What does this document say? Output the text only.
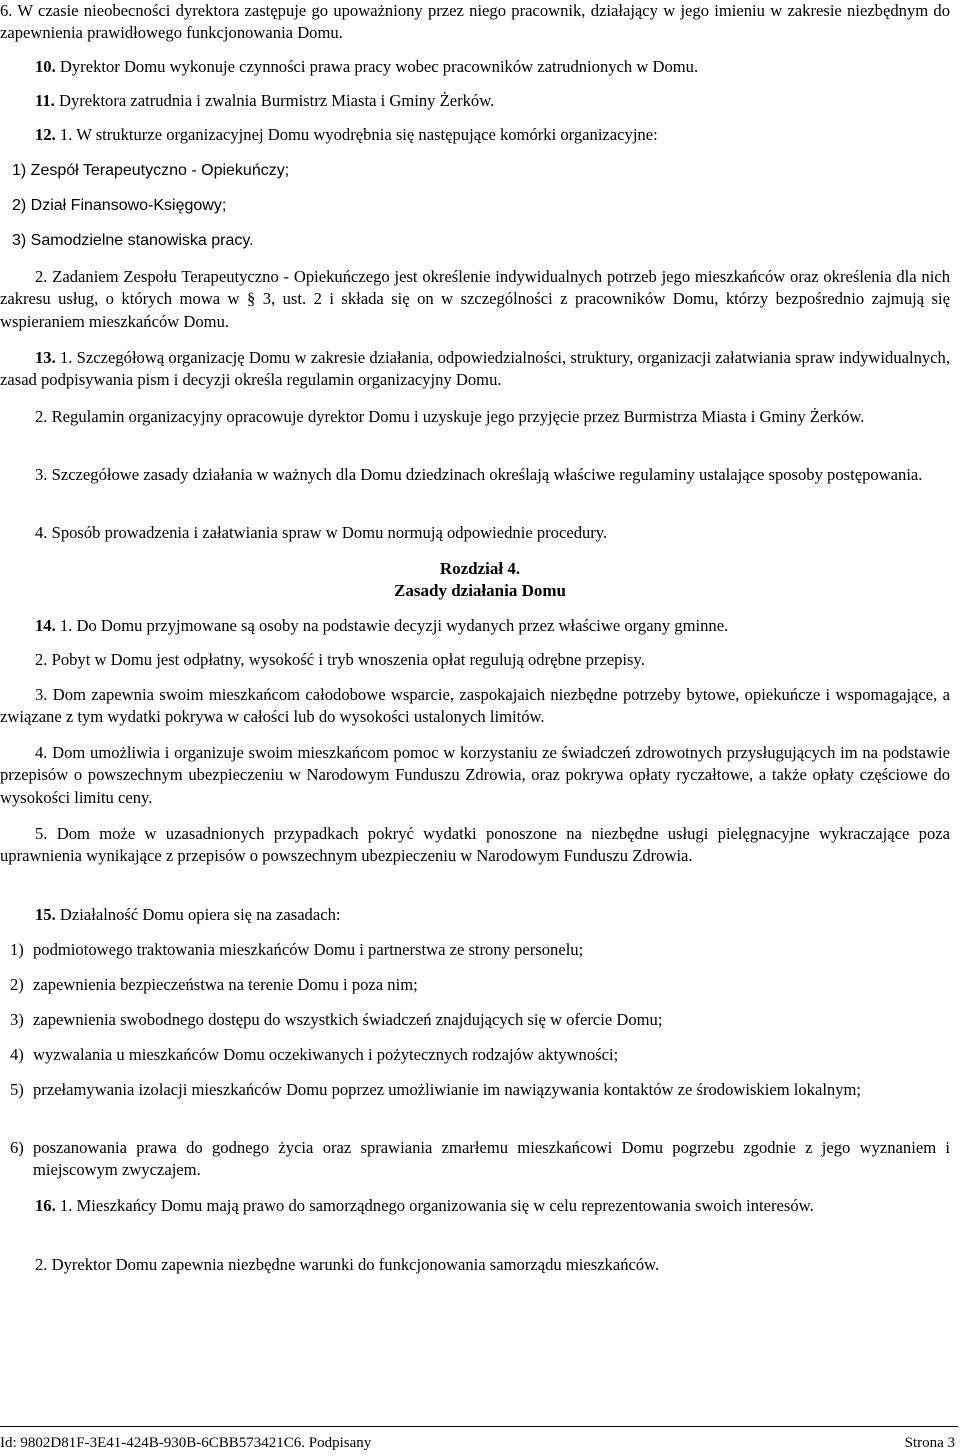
6. W czasie nieobecności dyrektora zastępuje go upoważniony przez niego pracownik, działający w jego imieniu w zakresie niezbędnym do zapewnienia prawidłowego funkcjonowania Domu.

10. Dyrektor Domu wykonuje czynności prawa pracy wobec pracowników zatrudnionych w Domu.

11. Dyrektora zatrudnia i zwalnia Burmistrz Miasta i Gminy Żerków.

12. 1. W strukturze organizacyjnej Domu wyodrębnia się następujące komórki organizacyjne:

1) Zespół Terapeutyczno - Opiekuńczy;

2) Dział Finansowo-Księgowy;

3) Samodzielne stanowiska pracy.

2. Zadaniem Zespołu Terapeutyczno - Opiekuńczego jest określenie indywidualnych potrzeb jego mieszkańców oraz określenia dla nich zakresu usług, o których mowa w § 3, ust. 2 i składa się on w szczególności z pracowników Domu, którzy bezpośrednio zajmują się wspieraniem mieszkańców Domu.

13. 1. Szczegółową organizację Domu w zakresie działania, odpowiedzialności, struktury, organizacji załatwiania spraw indywidualnych, zasad podpisywania pism i decyzji określa regulamin organizacyjny Domu.

2. Regulamin organizacyjny opracowuje dyrektor Domu i uzyskuje jego przyjęcie przez Burmistrza Miasta i Gminy Żerków.

3. Szczegółowe zasady działania w ważnych dla Domu dziedzinach określają właściwe regulaminy ustalające sposoby postępowania.

4. Sposób prowadzenia i załatwiania spraw w Domu normują odpowiednie procedury.

Rozdział 4.

Zasady działania Domu

14. 1. Do Domu przyjmowane są osoby na podstawie decyzji wydanych przez właściwe organy gminne.

2. Pobyt w Domu jest odpłatny, wysokość i tryb wnoszenia opłat regulują odrębne przepisy.

3. Dom zapewnia swoim mieszkańcom całodobowe wsparcie, zaspokajaich niezbędne potrzeby bytowe, opiekuńcze i wspomagające, a związane z tym wydatki pokrywa w całości lub do wysokości ustalonych limitów.

4. Dom umożliwia i organizuje swoim mieszkańcom pomoc w korzystaniu ze świadczeń zdrowotnych przysługujących im na podstawie przepisów o powszechnym ubezpieczeniu w Narodowym Funduszu Zdrowia, oraz pokrywa opłaty ryczałtowe, a także opłaty częściowe do wysokości limitu ceny.

5. Dom może w uzasadnionych przypadkach pokryć wydatki ponoszone na niezbędne usługi pielęgnacyjne wykraczające poza uprawnienia wynikające z przepisów o powszechnym ubezpieczeniu w Narodowym Funduszu Zdrowia.

15. Działalność Domu opiera się na zasadach:

1) podmiotowego traktowania mieszkańców Domu i partnerstwa ze strony personelu;
2) zapewnienia bezpieczeństwa na terenie Domu i poza nim;
3) zapewnienia swobodnego dostępu do wszystkich świadczeń znajdujących się w ofercie Domu;
4) wyzwalania u mieszkańców Domu oczekiwanych i pożytecznych rodzajów aktywności;
5) przełamywania izolacji mieszkańców Domu poprzez umożliwianie im nawiązywania kontaktów ze środowiskiem lokalnym;
6) poszanowania prawa do godnego życia oraz sprawiania zmarłemu mieszkańcowi Domu pogrzebu zgodnie z jego wyznaniem i miejscowym zwyczajem.

16. 1. Mieszkańcy Domu mają prawo do samorządnego organizowania się w celu reprezentowania swoich interesów.

2. Dyrektor Domu zapewnia niezbędne warunki do funkcjonowania samorządu mieszkańców.

Id: 9802D81F-3E41-424B-930B-6CBB573421C6. Podpisany	Strona 3
